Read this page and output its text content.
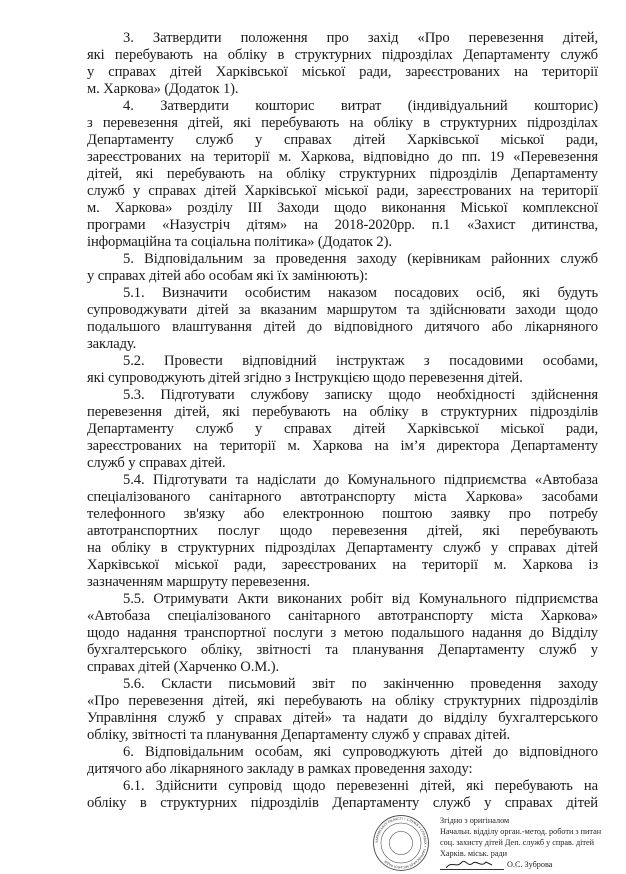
3. Затвердити положення про захід «Про перевезення дітей,
які перебувають на обліку в структурних підрозділах Департаменту служб
у справах дітей Харківської міської ради, зареєстрованих на території
м. Харкова» (Додаток 1).
4. Затвердити кошторис витрат (індивідуальний кошторис)
з перевезення дітей, які перебувають на обліку в структурних підрозділах
Департаменту служб у справах дітей Харківської міської ради,
зареєстрованих на території м. Харкова, відповідно до пп. 19 «Перевезення
дітей, які перебувають на обліку структурних підрозділів Департаменту
служб у справах дітей Харківської міської ради, зареєстрованих на території
м. Харкова» розділу ІІІ Заходи щодо виконання Міської комплексної
програми «Назустріч дітям» на 2018-2020рр. п.1 «Захист дитинства,
інформаційна та соціальна політика» (Додаток 2).
5. Відповідальним за проведення заходу (керівникам районних служб
у справах дітей або особам які їх замінюють):
5.1. Визначити особистим наказом посадових осіб, які будуть
супроводжувати дітей за вказаним маршрутом та здійснювати заходи щодо
подальшого влаштування дітей до відповідного дитячого або лікарняного
закладу.
5.2. Провести відповідний інструктаж з посадовими особами,
які супроводжують дітей згідно з Інструкцією щодо перевезення дітей.
5.3. Підготувати службову записку щодо необхідності здійснення
перевезення дітей, які перебувають на обліку в структурних підрозділів
Департаменту служб у справах дітей Харківської міської ради,
зареєстрованих на території м. Харкова на ім’я директора Департаменту
служб у справах дітей.
5.4. Підготувати та надіслати до Комунального підприємства «Автобаза
спеціалізованого санітарного автотранспорту міста Харкова» засобами
телефонного зв'язку або електронною поштою заявку про потребу
автотранспортних послуг щодо перевезення дітей, які перебувають
на обліку в структурних підрозділах Департаменту служб у справах дітей
Харківської міської ради, зареєстрованих на території м. Харкова із
зазначенням маршруту перевезення.
5.5. Отримувати Акти виконаних робіт від Комунального підприємства
«Автобаза спеціалізованого санітарного автотранспорту міста Харкова»
щодо надання транспортної послуги з метою подальшого надання до Відділу
бухгалтерського обліку, звітності та планування Департаменту служб у
справах дітей (Харченко О.М.).
5.6. Скласти письмовий звіт по закінченню проведення заходу
«Про перевезення дітей, які перебувають на обліку структурних підрозділів
Управління служб у справах дітей» та надати до відділу бухгалтерського
обліку, звітності та планування Департаменту служб у справах дітей.
6. Відповідальним особам, які супроводжують дітей до відповідного
дитячого або лікарняного закладу в рамках проведення заходу:
6.1. Здійснити супровід щодо перевезенні дітей, які перебувають на
обліку в структурних підрозділів Департаменту служб у справах дітей
ХАРКІВСЬКОЇ ОБЛАСТІ • СЛУЖБ У СПРАВАХ • ХАРКІВСЬКОЇ МІСЬКОЇ РАДИ
Згідно з оригіналом
Начальн. відділу орган.-метод. роботи з питан
соц. захисту дітей Деп. служб у справ. дітей
Харків. міськ. ради
О.С. Зуброва
